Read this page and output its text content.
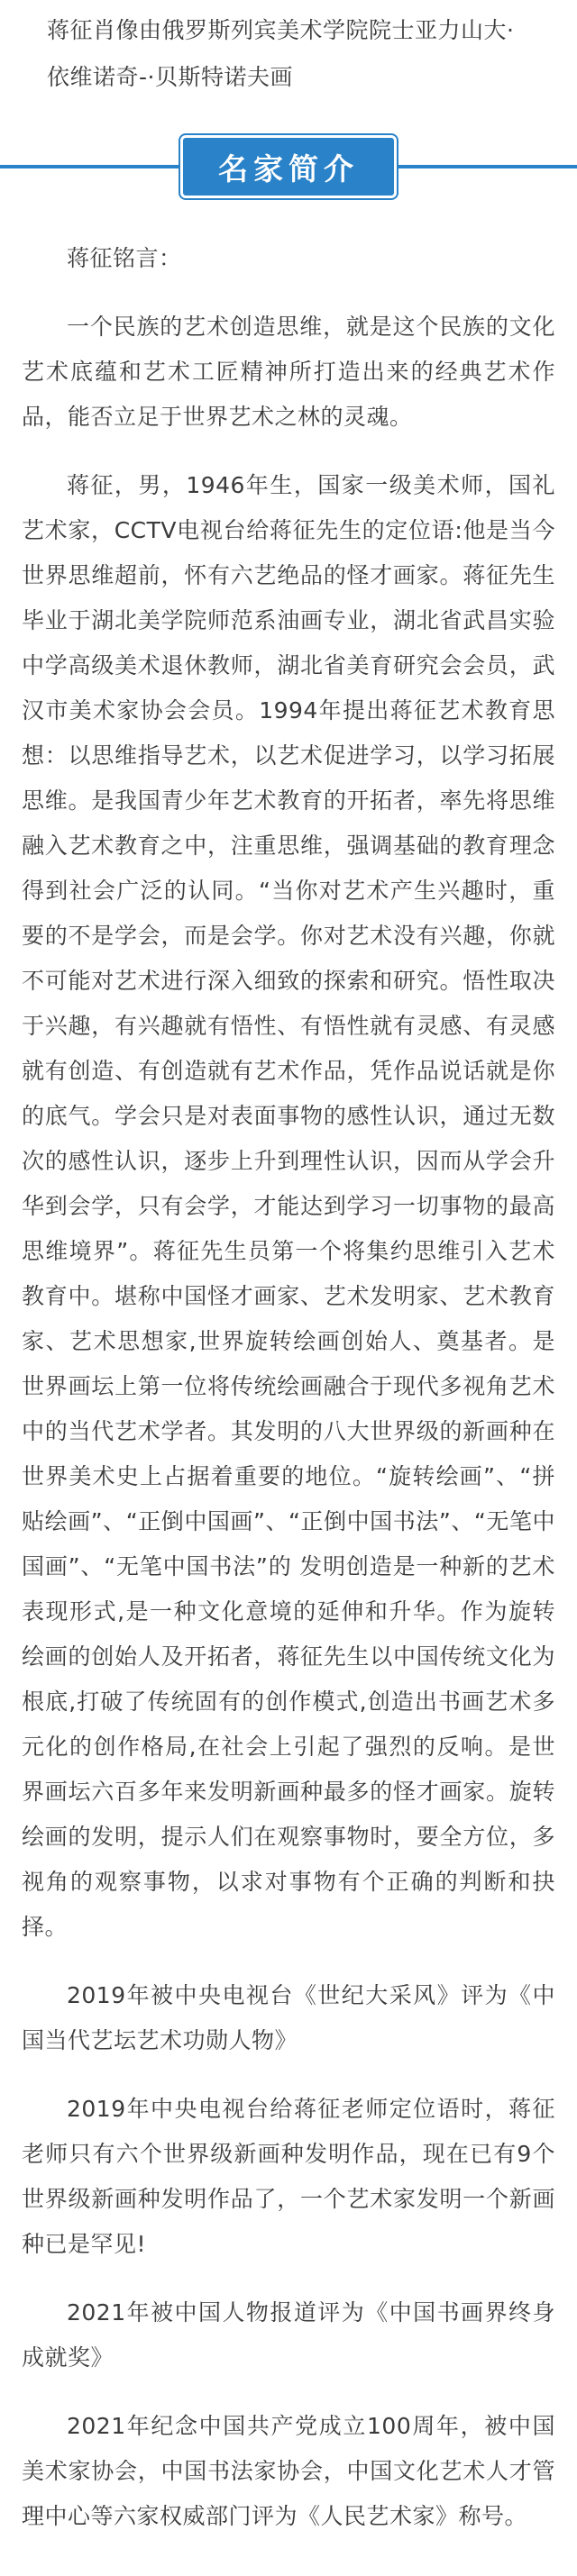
蒋征肖像由俄罗斯列宾美术学院院士亚力山大·依维诺奇-·贝斯特诺夫画
名家简介

蒋征铭言：

一个民族的艺术创造思维，就是这个民族的文化艺术底蕴和艺术工匠精神所打造出来的经典艺术作品，能否立足于世界艺术之林的灵魂。

蒋征，男，1946年生，国家一级美术师，国礼艺术家，CCTV电视台给蒋征先生的定位语:他是当今世界思维超前，怀有六艺绝品的怪才画家。蒋征先生毕业于湖北美学院师范系油画专业，湖北省武昌实验中学高级美术退休教师，湖北省美育研究会会员，武汉市美术家协会会员。1994年提出蒋征艺术教育思想：以思维指导艺术，以艺术促进学习，以学习拓展思维。是我国青少年艺术教育的开拓者，率先将思维融入艺术教育之中，注重思维，强调基础的教育理念得到社会广泛的认同。“当你对艺术产生兴趣时，重要的不是学会，而是会学。你对艺术没有兴趣，你就不可能对艺术进行深入细致的探索和研究。悟性取决于兴趣，有兴趣就有悟性、有悟性就有灵感、有灵感就有创造、有创造就有艺术作品，凭作品说话就是你的底气。学会只是对表面事物的感性认识，通过无数次的感性认识，逐步上升到理性认识，因而从学会升华到会学，只有会学，才能达到学习一切事物的最高思维境界”。蒋征先生员第一个将集约思维引入艺术教育中。堪称中国怪才画家、艺术发明家、艺术教育家、艺术思想家,世界旋转绘画创始人、奠基者。是世界画坛上第一位将传统绘画融合于现代多视角艺术中的当代艺术学者。其发明的八大世界级的新画种在世界美术史上占据着重要的地位。“旋转绘画”、“拼贴绘画”、“正倒中国画”、“正倒中国书法”、“无笔中国画”、“无笔中国书法”的 发明创造是一种新的艺术表现形式,是一种文化意境的延伸和升华。作为旋转绘画的创始人及开拓者，蒋征先生以中国传统文化为根底,打破了传统固有的创作模式,创造出书画艺术多元化的创作格局,在社会上引起了强烈的反响。是世界画坛六百多年来发明新画种最多的怪才画家。旋转绘画的发明，提示人们在观察事物时，要全方位，多视角的观察事物，以求对事物有个正确的判断和抉择。

2019年被中央电视台《世纪大采风》评为《中国当代艺坛艺术功勋人物》

2019年中央电视台给蒋征老师定位语时，蒋征老师只有六个世界级新画种发明作品，现在已有9个世界级新画种发明作品了，一个艺术家发明一个新画种已是罕见!

2021年被中国人物报道评为《中国书画界终身成就奖》

2021年纪念中国共产党成立100周年，被中国美术家协会，中国书法家协会，中国文化艺术人才管理中心等六家权威部门评为《人民艺术家》称号。
